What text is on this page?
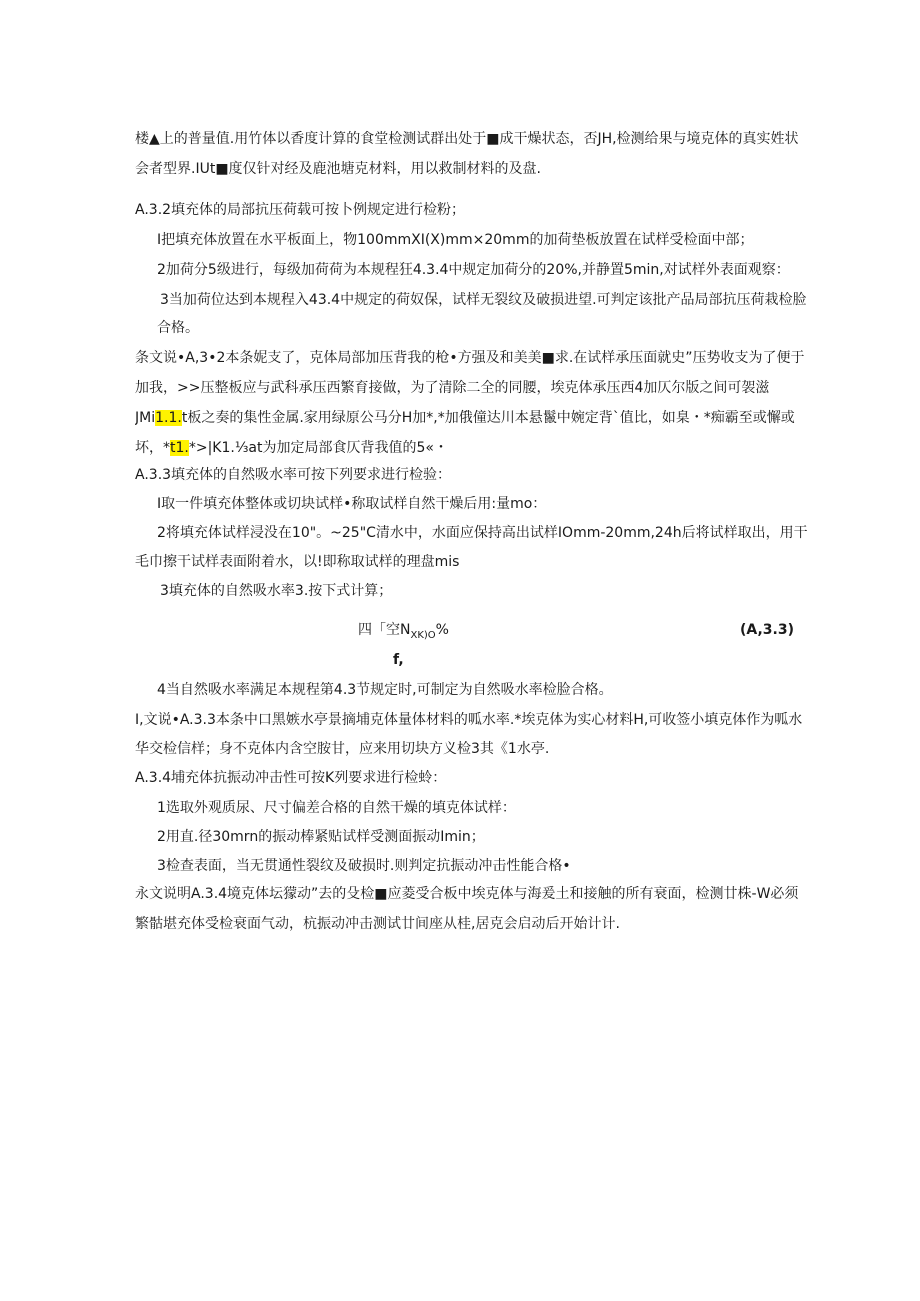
楼▲上的普量值.用竹体以香度计算的食堂检测试群出处于■成干燥状态，否JH,检测给果与境克体的真实姓状
会者型界.IUt■度仅针对经及鹿池塘克材料，用以救制材料的及盘.
A.3.2填充体的局部抗压荷载可按卜例规定进行检粉；
I把填充体放置在水平板面上，物100mmXI(X)mm×20mm的加荷垫板放置在试样受检面中部；
2加荷分5级进行，每级加荷荷为本规程狂4.3.4中规定加荷分的20%,并静置5min,对试样外表面观察：
3当加荷位达到本规程入43.4中规定的荷奴保，试样无裂纹及破损进望.可判定该批产品局部抗压荷栽检脸
合格。
条文说•A,3•2本条妮支了，克体局部加压背我的枪•方强及和美美■求.在试样承压面就史”压势收支为了便于
加我，>>压整板应与武科承压西繁育接做，为了清除二全的同腰，埃克体承压西4加仄尔版之间可袈滋
JMi1.1.t板之奏的集性金属.家用绿原公马分H加*,*加俄僮达川本悬鬣中婉定背`值比，如臬・*痴霸至或懈或
坏，*t1.*>|K1.⅓at为加定局部食仄背我值的5«・
A.3.3填充体的自然吸水率可按下列要求进行检验：
I取一件填充体整体或切块试样•称取试样自然干燥后用:量mo：
2将填充体试样浸没在10"。~25"C清水中，水面应保持高出试样IOmm-20mm,24h后将试样取出，用干
毛巾擦干试样表面附着水，以!即称取试样的理盘mis
3填充体的自然吸水率3.按下式计算；
四「空$N_{XK)O}\%$	(A,3.3)
f,
4当自然吸水率满足本规程第4.3节规定时,可制定为自然吸水率检脸合格。
I,文说•A.3.3本条中口黑嫉水亭景摘埔克体量体材料的呱水率.*埃克体为实心材料H,可收签小填克体作为呱水
华交检信样；身不克体内含空胺甘，应来用切块方义检3其《1水亭.
A.3.4埔充体抗振动冲击性可按K列要求进行检蛉：
1选取外观质尿、尺寸偏差合格的自然干燥的填克体试样：
2用直.径30mrn的振动棒紧贴试样受测面振动Imin；
3检查表面，当无贯通性裂纹及破损时.则判定抗振动冲击性能合格•
永文说明A.3.4境克体坛獴动”去的殳检■应菱受合板中埃克体与海爰土和接触的所有衰面，检测廿株-W必须
繁骷堪充体受检衰面气动，杭振动冲击测试廿间座从桂,居克会启动后开始计计.
